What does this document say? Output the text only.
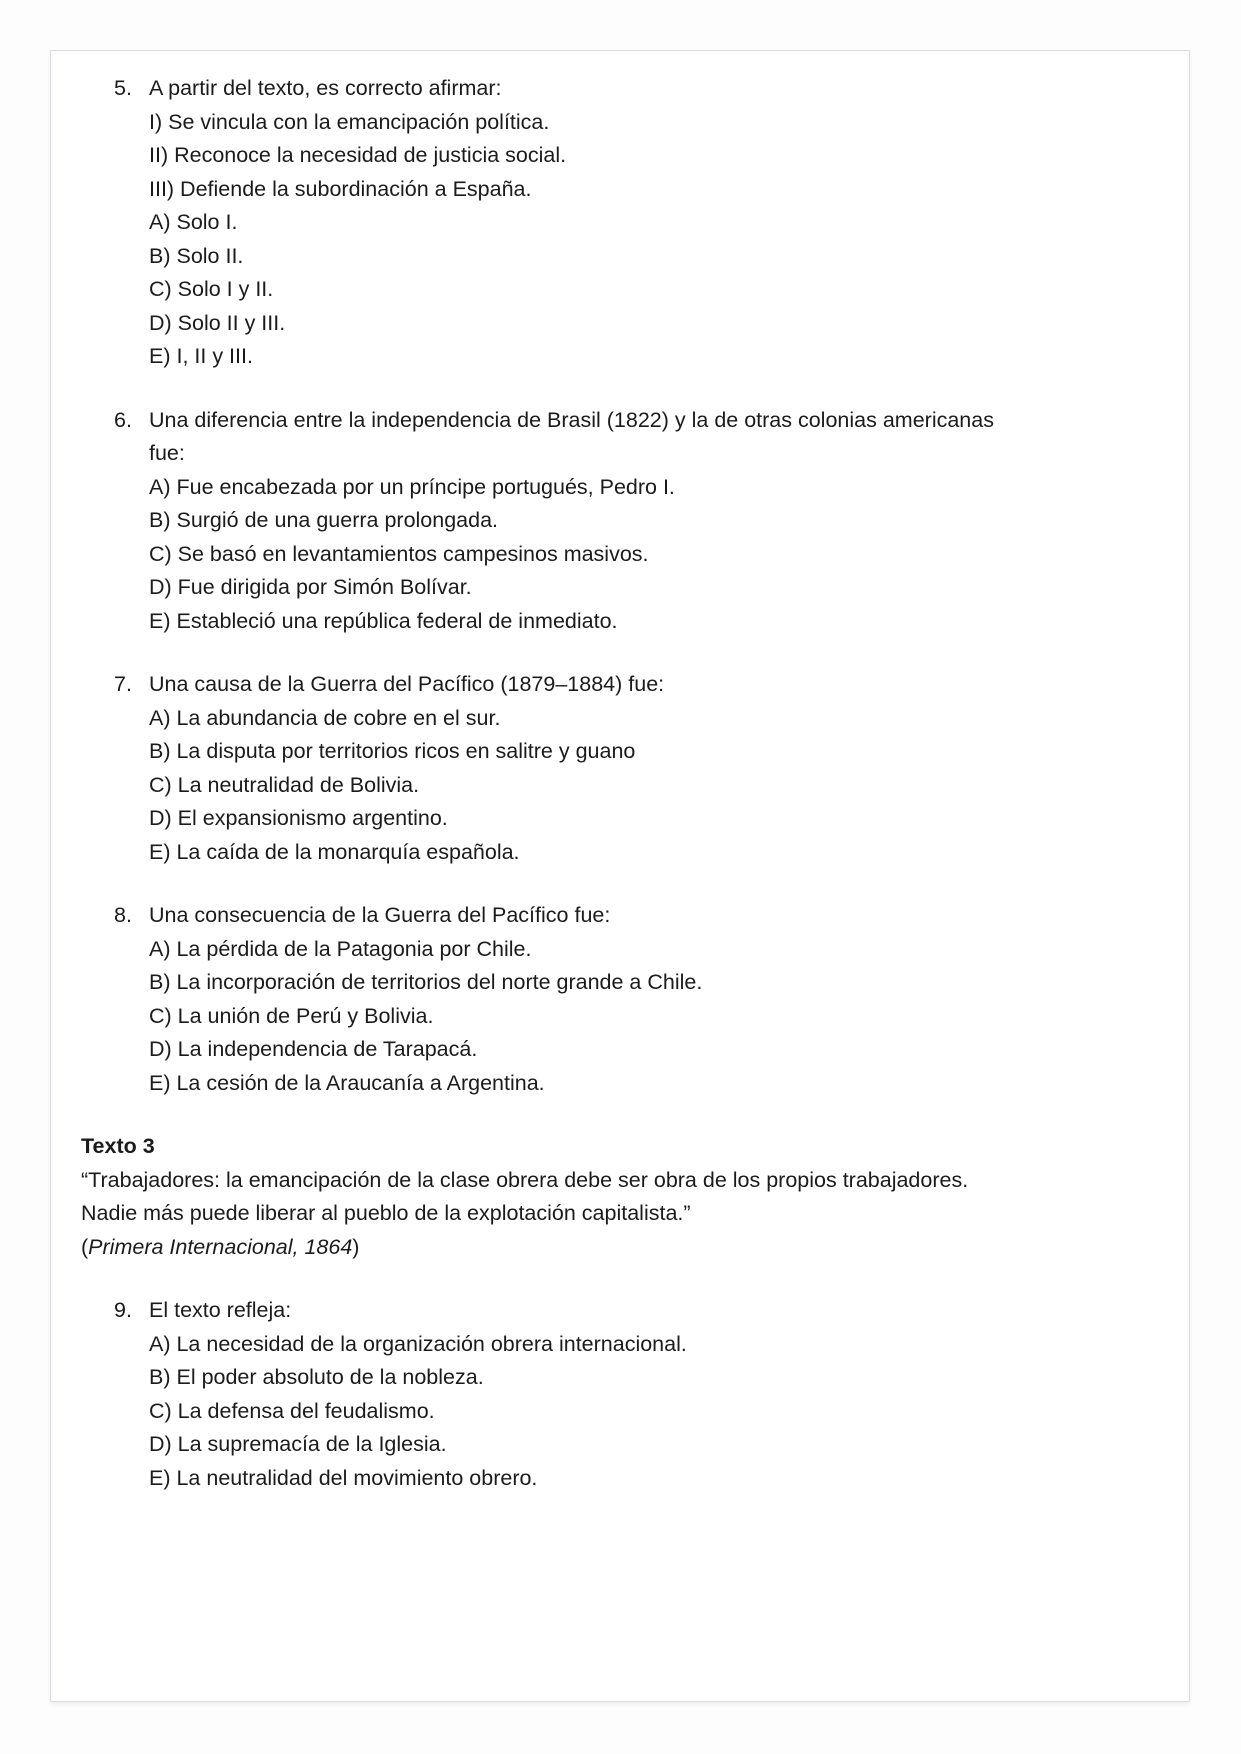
5. A partir del texto, es correcto afirmar:
I) Se vincula con la emancipación política.
II) Reconoce la necesidad de justicia social.
III) Defiende la subordinación a España.
A) Solo I.
B) Solo II.
C) Solo I y II.
D) Solo II y III.
E) I, II y III.
6. Una diferencia entre la independencia de Brasil (1822) y la de otras colonias americanas
fue:
A) Fue encabezada por un príncipe portugués, Pedro I.
B) Surgió de una guerra prolongada.
C) Se basó en levantamientos campesinos masivos.
D) Fue dirigida por Simón Bolívar.
E) Estableció una república federal de inmediato.
7. Una causa de la Guerra del Pacífico (1879–1884) fue:
A) La abundancia de cobre en el sur.
B) La disputa por territorios ricos en salitre y guano
C) La neutralidad de Bolivia.
D) El expansionismo argentino.
E) La caída de la monarquía española.
8. Una consecuencia de la Guerra del Pacífico fue:
A) La pérdida de la Patagonia por Chile.
B) La incorporación de territorios del norte grande a Chile.
C) La unión de Perú y Bolivia.
D) La independencia de Tarapacá.
E) La cesión de la Araucanía a Argentina.
Texto 3
“Trabajadores: la emancipación de la clase obrera debe ser obra de los propios trabajadores.
Nadie más puede liberar al pueblo de la explotación capitalista.”
(Primera Internacional, 1864)
9. El texto refleja:
A) La necesidad de la organización obrera internacional.
B) El poder absoluto de la nobleza.
C) La defensa del feudalismo.
D) La supremacía de la Iglesia.
E) La neutralidad del movimiento obrero.
